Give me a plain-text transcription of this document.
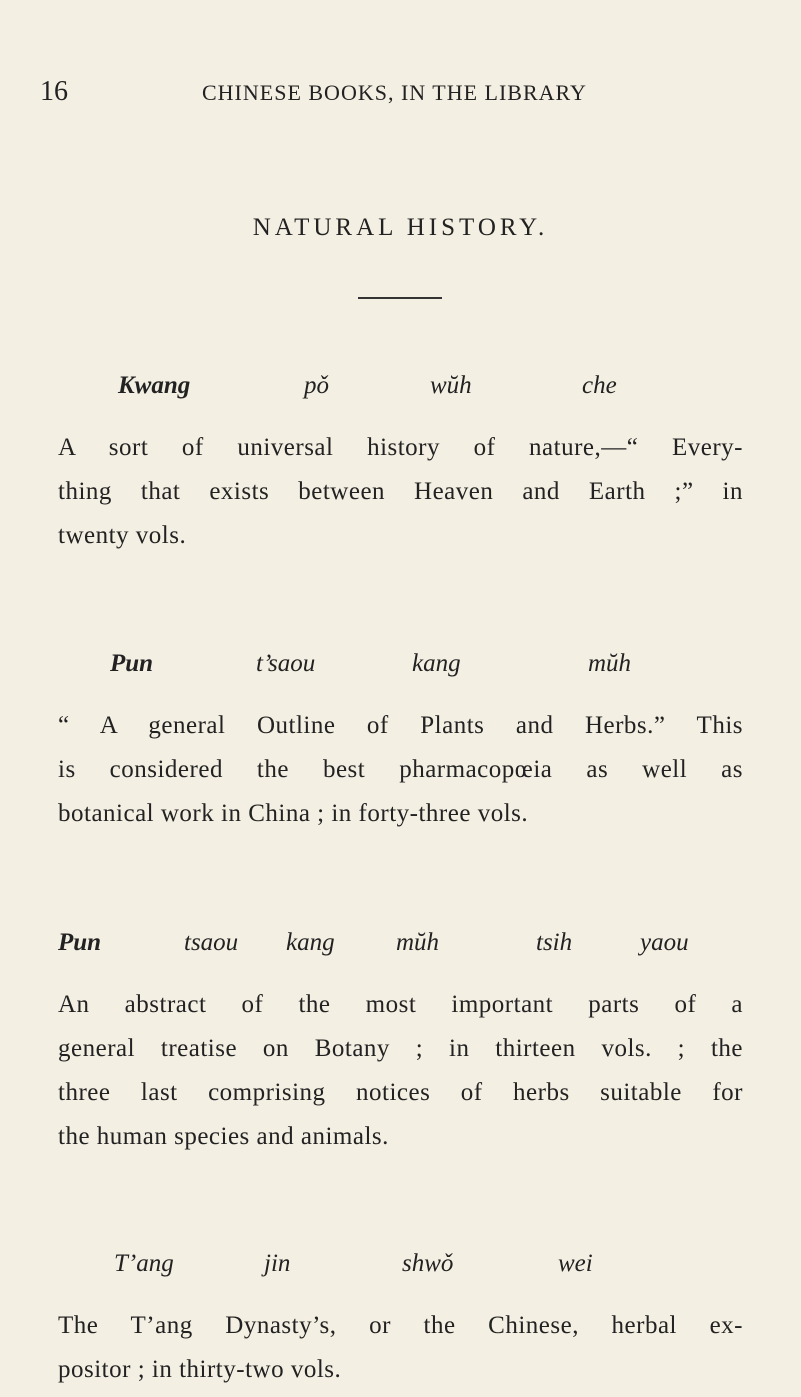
16	CHINESE BOOKS, IN THE LIBRARY
NATURAL HISTORY.
Kwang	pǒ	wŭh	che
A sort of universal history of nature,—“ Every-
thing that exists between Heaven and Earth ;” in
twenty vols.
Pun	t’saou	kang	mŭh
“ A general Outline of Plants and Herbs.” This
is considered the best pharmacopœia as well as
botanical work in China ; in forty-three vols.
Pun	tsaou kang mŭh	tsih	yaou
An abstract of the most important parts of a
general treatise on Botany ; in thirteen vols. ; the
three last comprising notices of herbs suitable for
the human species and animals.
T’ang	jin	shwǒ	wei
The T’ang Dynasty’s, or the Chinese, herbal ex-
positor ; in thirty-two vols.
